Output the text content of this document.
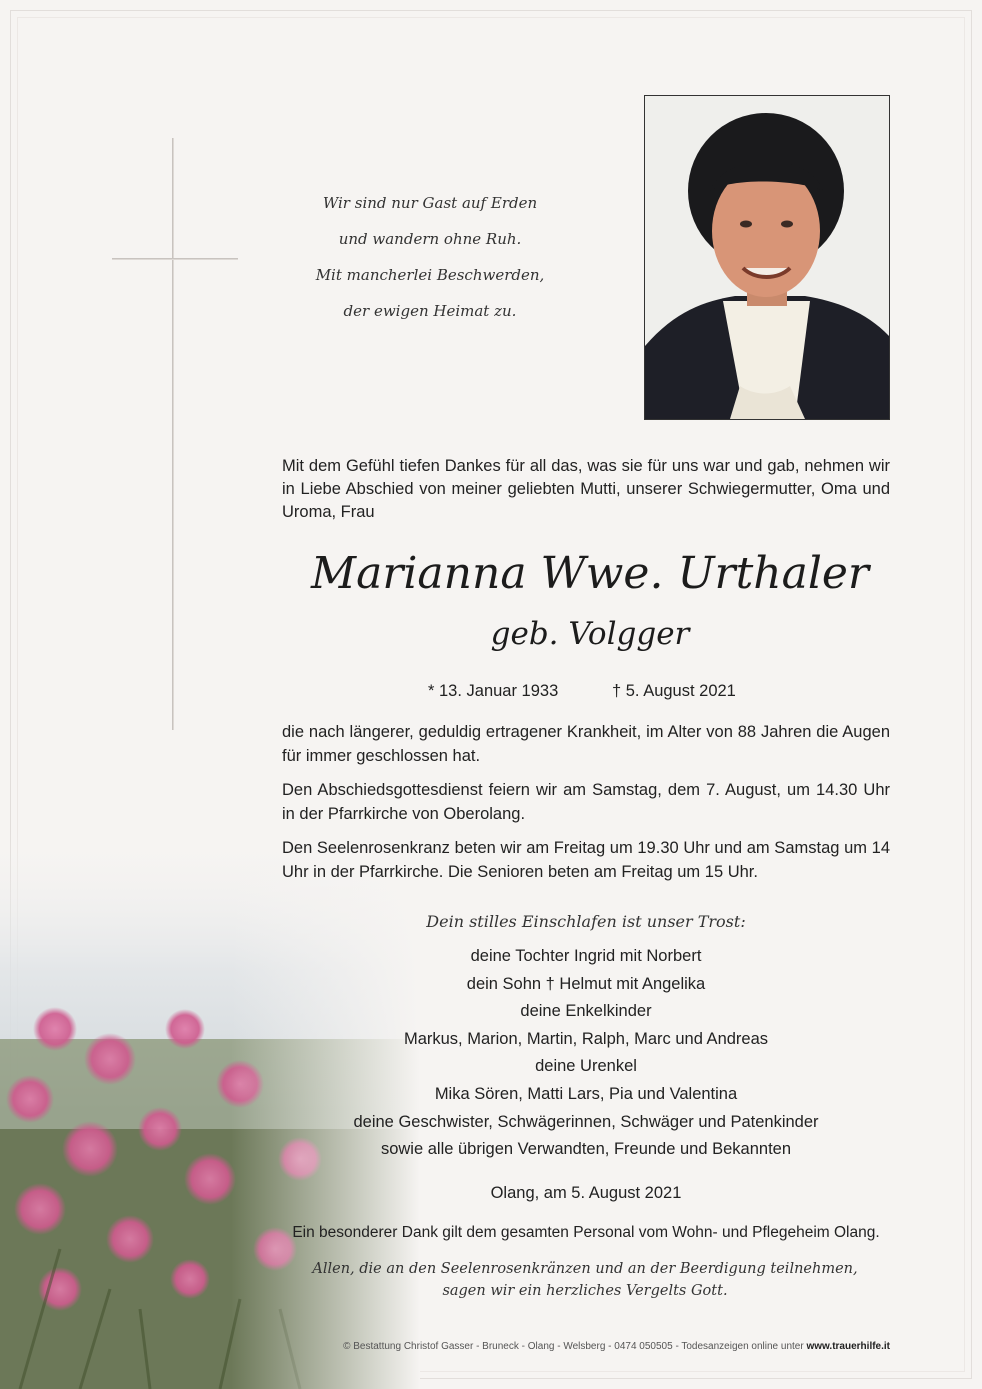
Wir sind nur Gast auf Erden
und wandern ohne Ruh.
Mit mancherlei Beschwerden,
der ewigen Heimat zu.
Mit dem Gefühl tiefen Dankes für all das, was sie für uns war und gab, nehmen wir in Liebe Abschied von meiner geliebten Mutti, unserer Schwiegermutter, Oma und Uroma, Frau
Marianna Wwe. Urthaler
geb. Volgger
* 13. Januar 1933	† 5. August 2021
die nach längerer, geduldig ertragener Krankheit, im Alter von 88 Jahren die Augen für immer geschlossen hat.
Den Abschiedsgottesdienst feiern wir am Samstag, dem 7. August, um 14.30 Uhr in der Pfarrkirche von Oberolang.
Den Seelenrosenkranz beten wir am Freitag um 19.30 Uhr und am Samstag um 14 Uhr in der Pfarrkirche. Die Senioren beten am Freitag um 15 Uhr.
Dein stilles Einschlafen ist unser Trost:
deine Tochter Ingrid mit Norbert
dein Sohn † Helmut mit Angelika
deine Enkelkinder
Markus, Marion, Martin, Ralph, Marc und Andreas
deine Urenkel
Mika Sören, Matti Lars, Pia und Valentina
deine Geschwister, Schwägerinnen, Schwäger und Patenkinder
sowie alle übrigen Verwandten, Freunde und Bekannten
Olang, am 5. August 2021
Ein besonderer Dank gilt dem gesamten Personal vom Wohn- und Pflegeheim Olang.
Allen, die an den Seelenrosenkränzen und an der Beerdigung teilnehmen,
sagen wir ein herzliches Vergelts Gott.
© Bestattung Christof Gasser - Bruneck - Olang - Welsberg - 0474 050505 - Todesanzeigen online unter www.trauerhilfe.it
